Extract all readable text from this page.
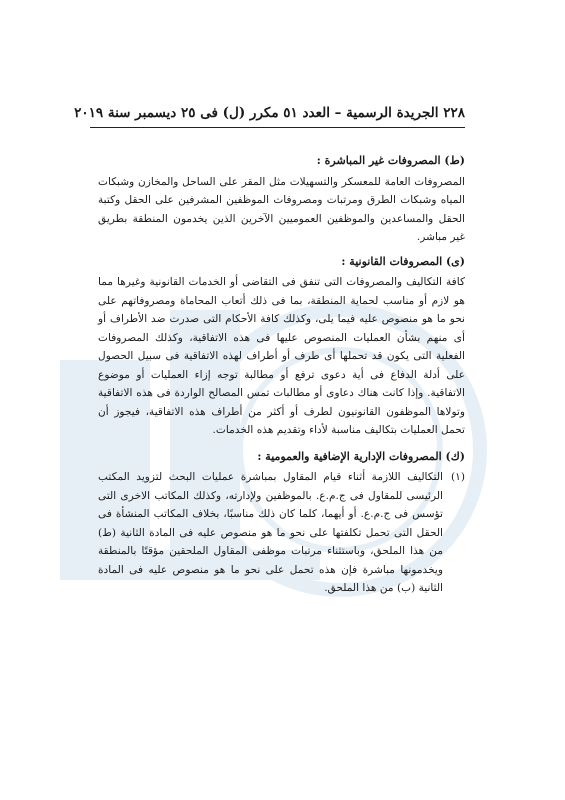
٢٢٨ الجريدة الرسمية – العدد ٥١ مكرر (ل) فى ٢٥ ديسمبر سنة ٢٠١٩

(ط) المصروفات غير المباشرة :

المصروفات العامة للمعسكر والتسهيلات مثل المقر على الساحل والمخازن وشبكات المياه وشبكات الطرق ومرتبات ومصروفات الموظفين المشرفين على الحقل وكتبة الحقل والمساعدين والموظفين العموميين الآخرين الذين يخدمون المنطقة بطريق غير مباشر.

(ى) المصروفات القانونية :

كافة التكاليف والمصروفات التى تنفق فى التقاضى أو الخدمات القانونية وغيرها مما هو لازم أو مناسب لحماية المنطقة، بما فى ذلك أتعاب المحاماة ومصروفاتهم على نحو ما هو منصوص عليه فيما يلى، وكذلك كافة الأحكام التى صدرت ضد الأطراف أو أى منهم بشأن العمليات المنصوص عليها فى هذه الاتفاقية، وكذلك المصروفات الفعلية التى يكون قد تحملها أى طرف أو أطراف لهذه الاتفاقية فى سبيل الحصول على أدلة الدفاع فى أية دعوى ترفع أو مطالبة توجه إزاء العمليات أو موضوع الاتفاقية. وإذا كانت هناك دعاوى أو مطالبات تمس المصالح الواردة فى هذه الاتفاقية وتولاها الموظفون القانونيون لطرف أو أكثر من أطراف هذه الاتفاقية، فيجوز أن تحمل العمليات بتكاليف مناسبة لأداء وتقديم هذه الخدمات.

(ك) المصروفات الإدارية الإضافية والعمومية :

(١)
التكاليف اللازمة أثناء قيام المقاول بمباشرة عمليات البحث لتزويد المكتب الرئيسى للمقاول فى ج.م.ع. بالموظفين ولإدارته، وكذلك المكاتب الاخرى التى تؤسس فى ج.م.ع. أو أيهما، كلما كان ذلك مناسبًا، بخلاف المكاتب المنشأة فى الحقل التى تحمل تكلفتها على نحو ما هو منصوص عليه فى المادة الثانية (ط) من هذا الملحق، وباستثناء مرتبات موظفى المقاول الملحقين مؤقتًا بالمنطقة ويخدمونها مباشرة فإن هذه تحمل على نحو ما هو منصوص عليه فى المادة الثانية (ب) من هذا الملحق.
